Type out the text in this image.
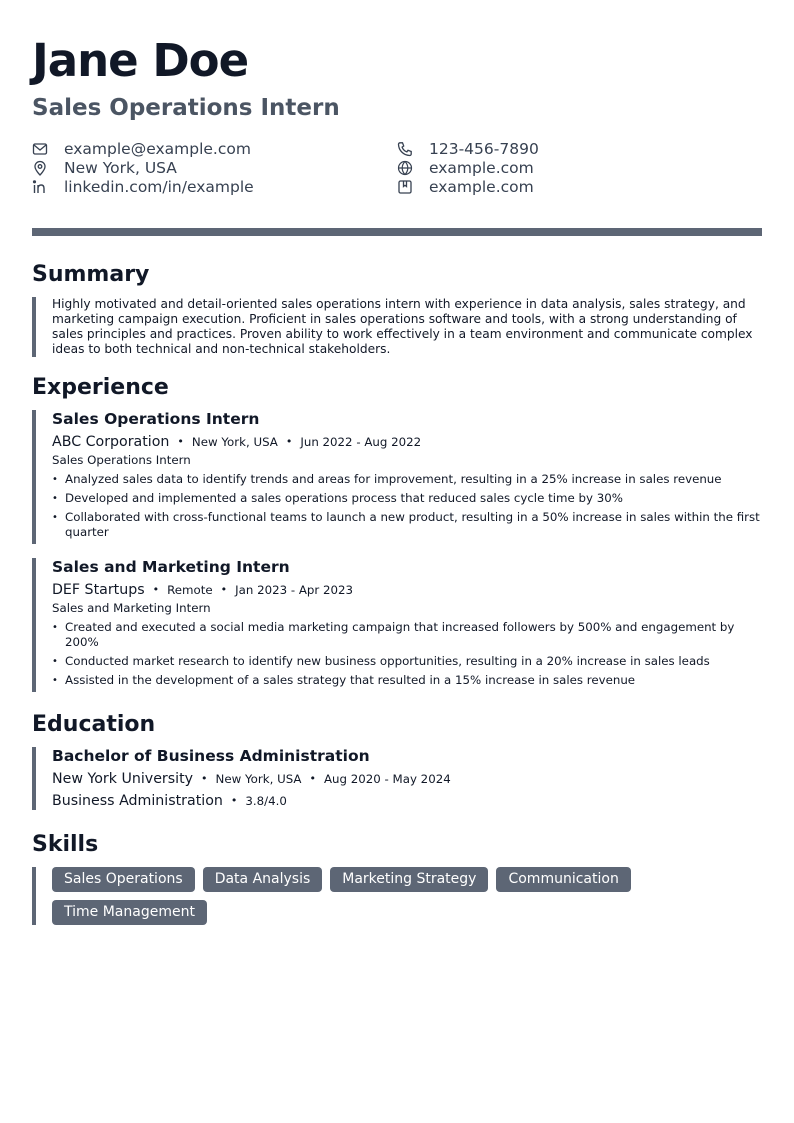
Jane Doe
Sales Operations Intern
example@example.com
New York, USA
linkedin.com/in/example
123-456-7890
example.com
example.com
Summary

Highly motivated and detail-oriented sales operations intern with experience in data analysis, sales strategy, and marketing campaign execution. Proficient in sales operations software and tools, with a strong understanding of sales principles and practices. Proven ability to work effectively in a team environment and communicate complex ideas to both technical and non-technical stakeholders.

Experience
Sales Operations Intern
ABC Corporation • New York, USA • Jun 2022 - Aug 2022
Sales Operations Intern
• Analyzed sales data to identify trends and areas for improvement, resulting in a 25% increase in sales revenue
• Developed and implemented a sales operations process that reduced sales cycle time by 30%
• Collaborated with cross-functional teams to launch a new product, resulting in a 50% increase in sales within the first quarter
Sales and Marketing Intern
DEF Startups • Remote • Jan 2023 - Apr 2023
Sales and Marketing Intern
• Created and executed a social media marketing campaign that increased followers by 500% and engagement by 200%
• Conducted market research to identify new business opportunities, resulting in a 20% increase in sales leads
• Assisted in the development of a sales strategy that resulted in a 15% increase in sales revenue
Education
Bachelor of Business Administration
New York University • New York, USA • Aug 2020 - May 2024
Business Administration • 3.8/4.0
Skills
Sales Operations	Data Analysis	Marketing Strategy	Communication
Time Management
